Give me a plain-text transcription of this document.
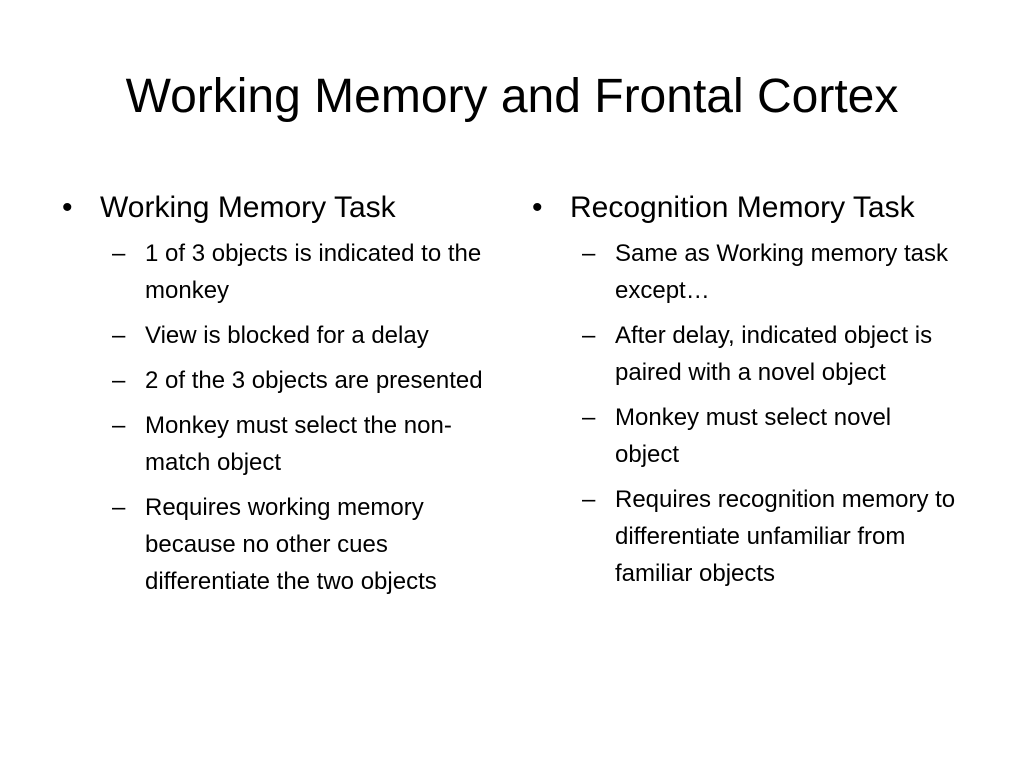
Working Memory and Frontal Cortex
• Working Memory Task
– 1 of 3 objects is indicated to the monkey
– View is blocked for a delay
– 2 of the 3 objects are presented
– Monkey must select the non-match object
– Requires working memory because no other cues differentiate the two objects
• Recognition Memory Task
– Same as Working memory task except…
– After delay, indicated object is paired with a novel object
– Monkey must select novel object
– Requires recognition memory to differentiate unfamiliar from familiar objects
